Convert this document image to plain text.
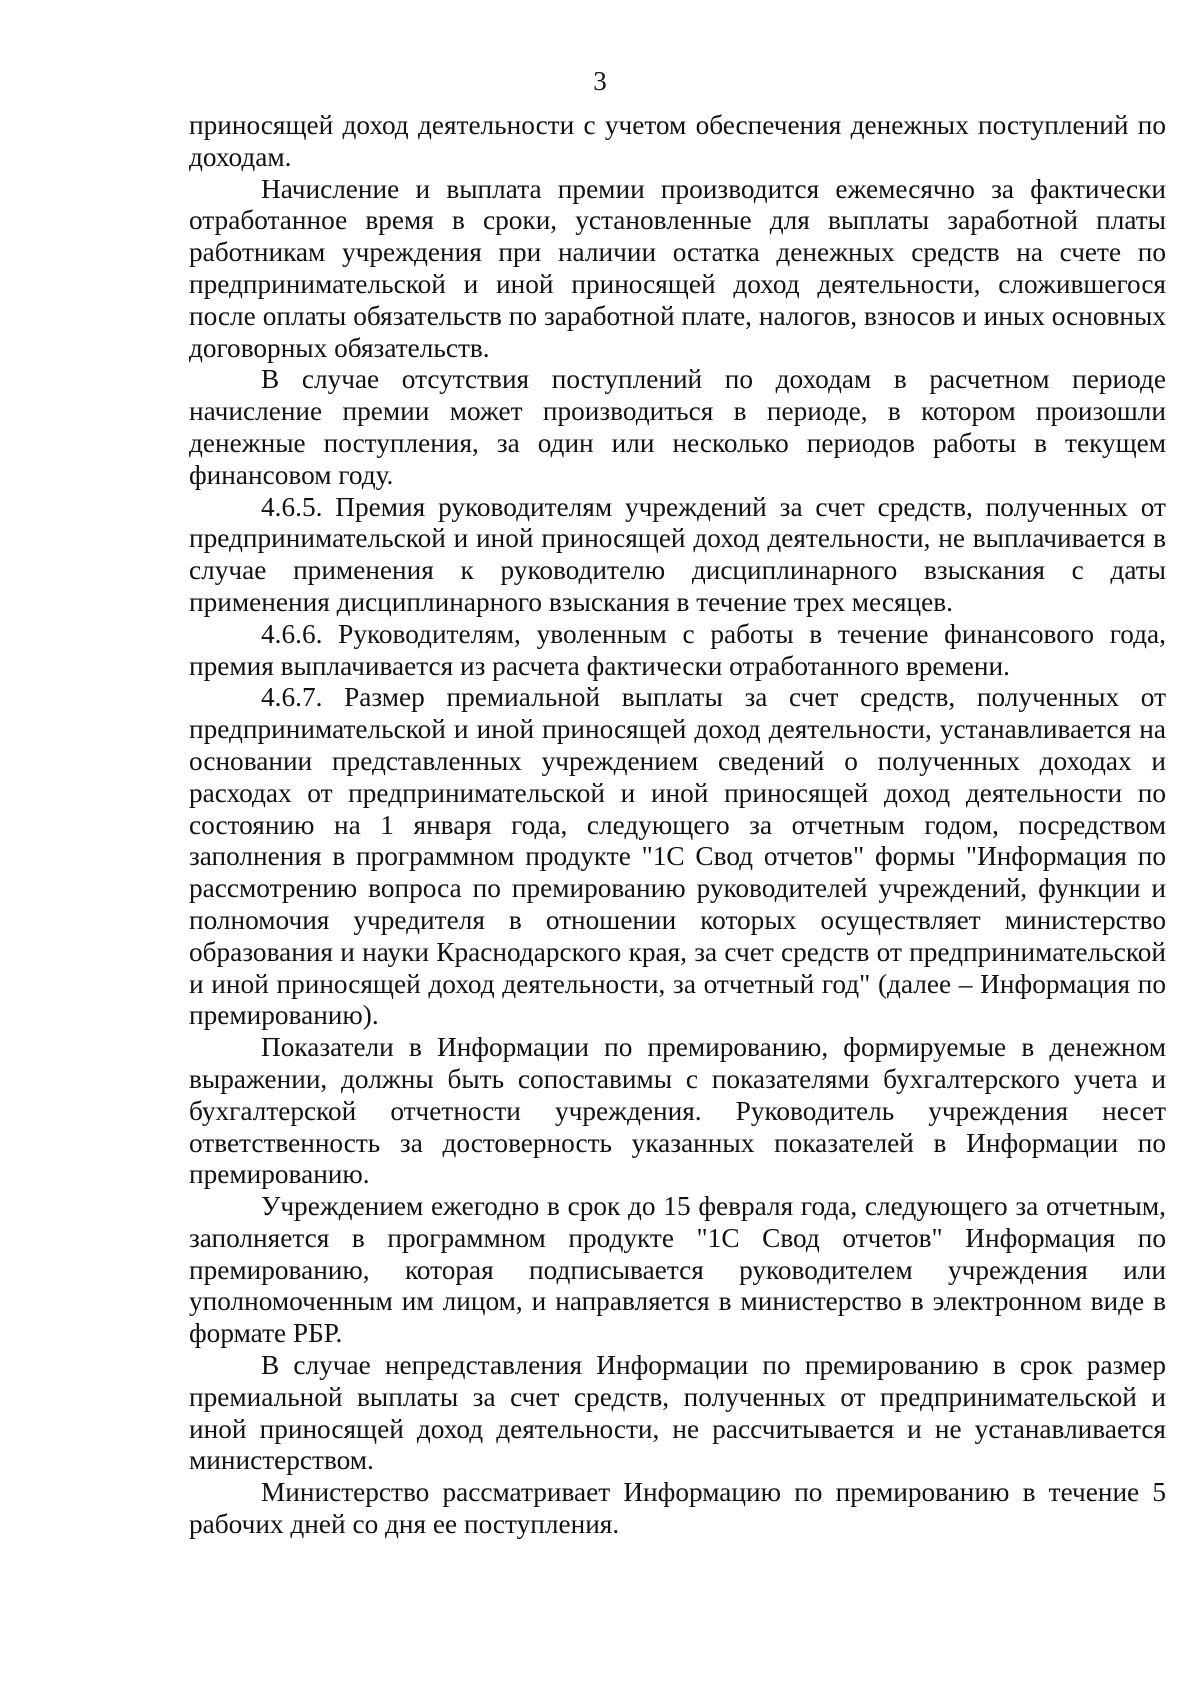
3

приносящей доход деятельности с учетом обеспечения денежных поступлений по доходам.

Начисление и выплата премии производится ежемесячно за фактически отработанное время в сроки, установленные для выплаты заработной платы работникам учреждения при наличии остатка денежных средств на счете по предпринимательской и иной приносящей доход деятельности, сложившегося после оплаты обязательств по заработной плате, налогов, взносов и иных основных договорных обязательств.

В случае отсутствия поступлений по доходам в расчетном периоде начисление премии может производиться в периоде, в котором произошли денежные поступления, за один или несколько периодов работы в текущем финансовом году.

4.6.5. Премия руководителям учреждений за счет средств, полученных от предпринимательской и иной приносящей доход деятельности, не выплачивается в случае применения к руководителю дисциплинарного взыскания с даты применения дисциплинарного взыскания в течение трех месяцев.

4.6.6. Руководителям, уволенным с работы в течение финансового года, премия выплачивается из расчета фактически отработанного времени.

4.6.7. Размер премиальной выплаты за счет средств, полученных от предпринимательской и иной приносящей доход деятельности, устанавливается на основании представленных учреждением сведений о полученных доходах и расходах от предпринимательской и иной приносящей доход деятельности по состоянию на 1 января года, следующего за отчетным годом, посредством заполнения в программном продукте "1С Свод отчетов" формы "Информация по рассмотрению вопроса по премированию руководителей учреждений, функции и полномочия учредителя в отношении которых осуществляет министерство образования и науки Краснодарского края, за счет средств от предпринимательской и иной приносящей доход деятельности, за отчетный год" (далее – Информация по премированию).

Показатели в Информации по премированию, формируемые в денежном выражении, должны быть сопоставимы с показателями бухгалтерского учета и бухгалтерской отчетности учреждения. Руководитель учреждения несет ответственность за достоверность указанных показателей в Информации по премированию.

Учреждением ежегодно в срок до 15 февраля года, следующего за отчетным, заполняется в программном продукте "1С Свод отчетов" Информация по премированию, которая подписывается руководителем учреждения или уполномоченным им лицом, и направляется в министерство в электронном виде в формате РБР.

В случае непредставления Информации по премированию в срок размер премиальной выплаты за счет средств, полученных от предпринимательской и иной приносящей доход деятельности, не рассчитывается и не устанавливается министерством.

Министерство рассматривает Информацию по премированию в течение 5 рабочих дней со дня ее поступления.
